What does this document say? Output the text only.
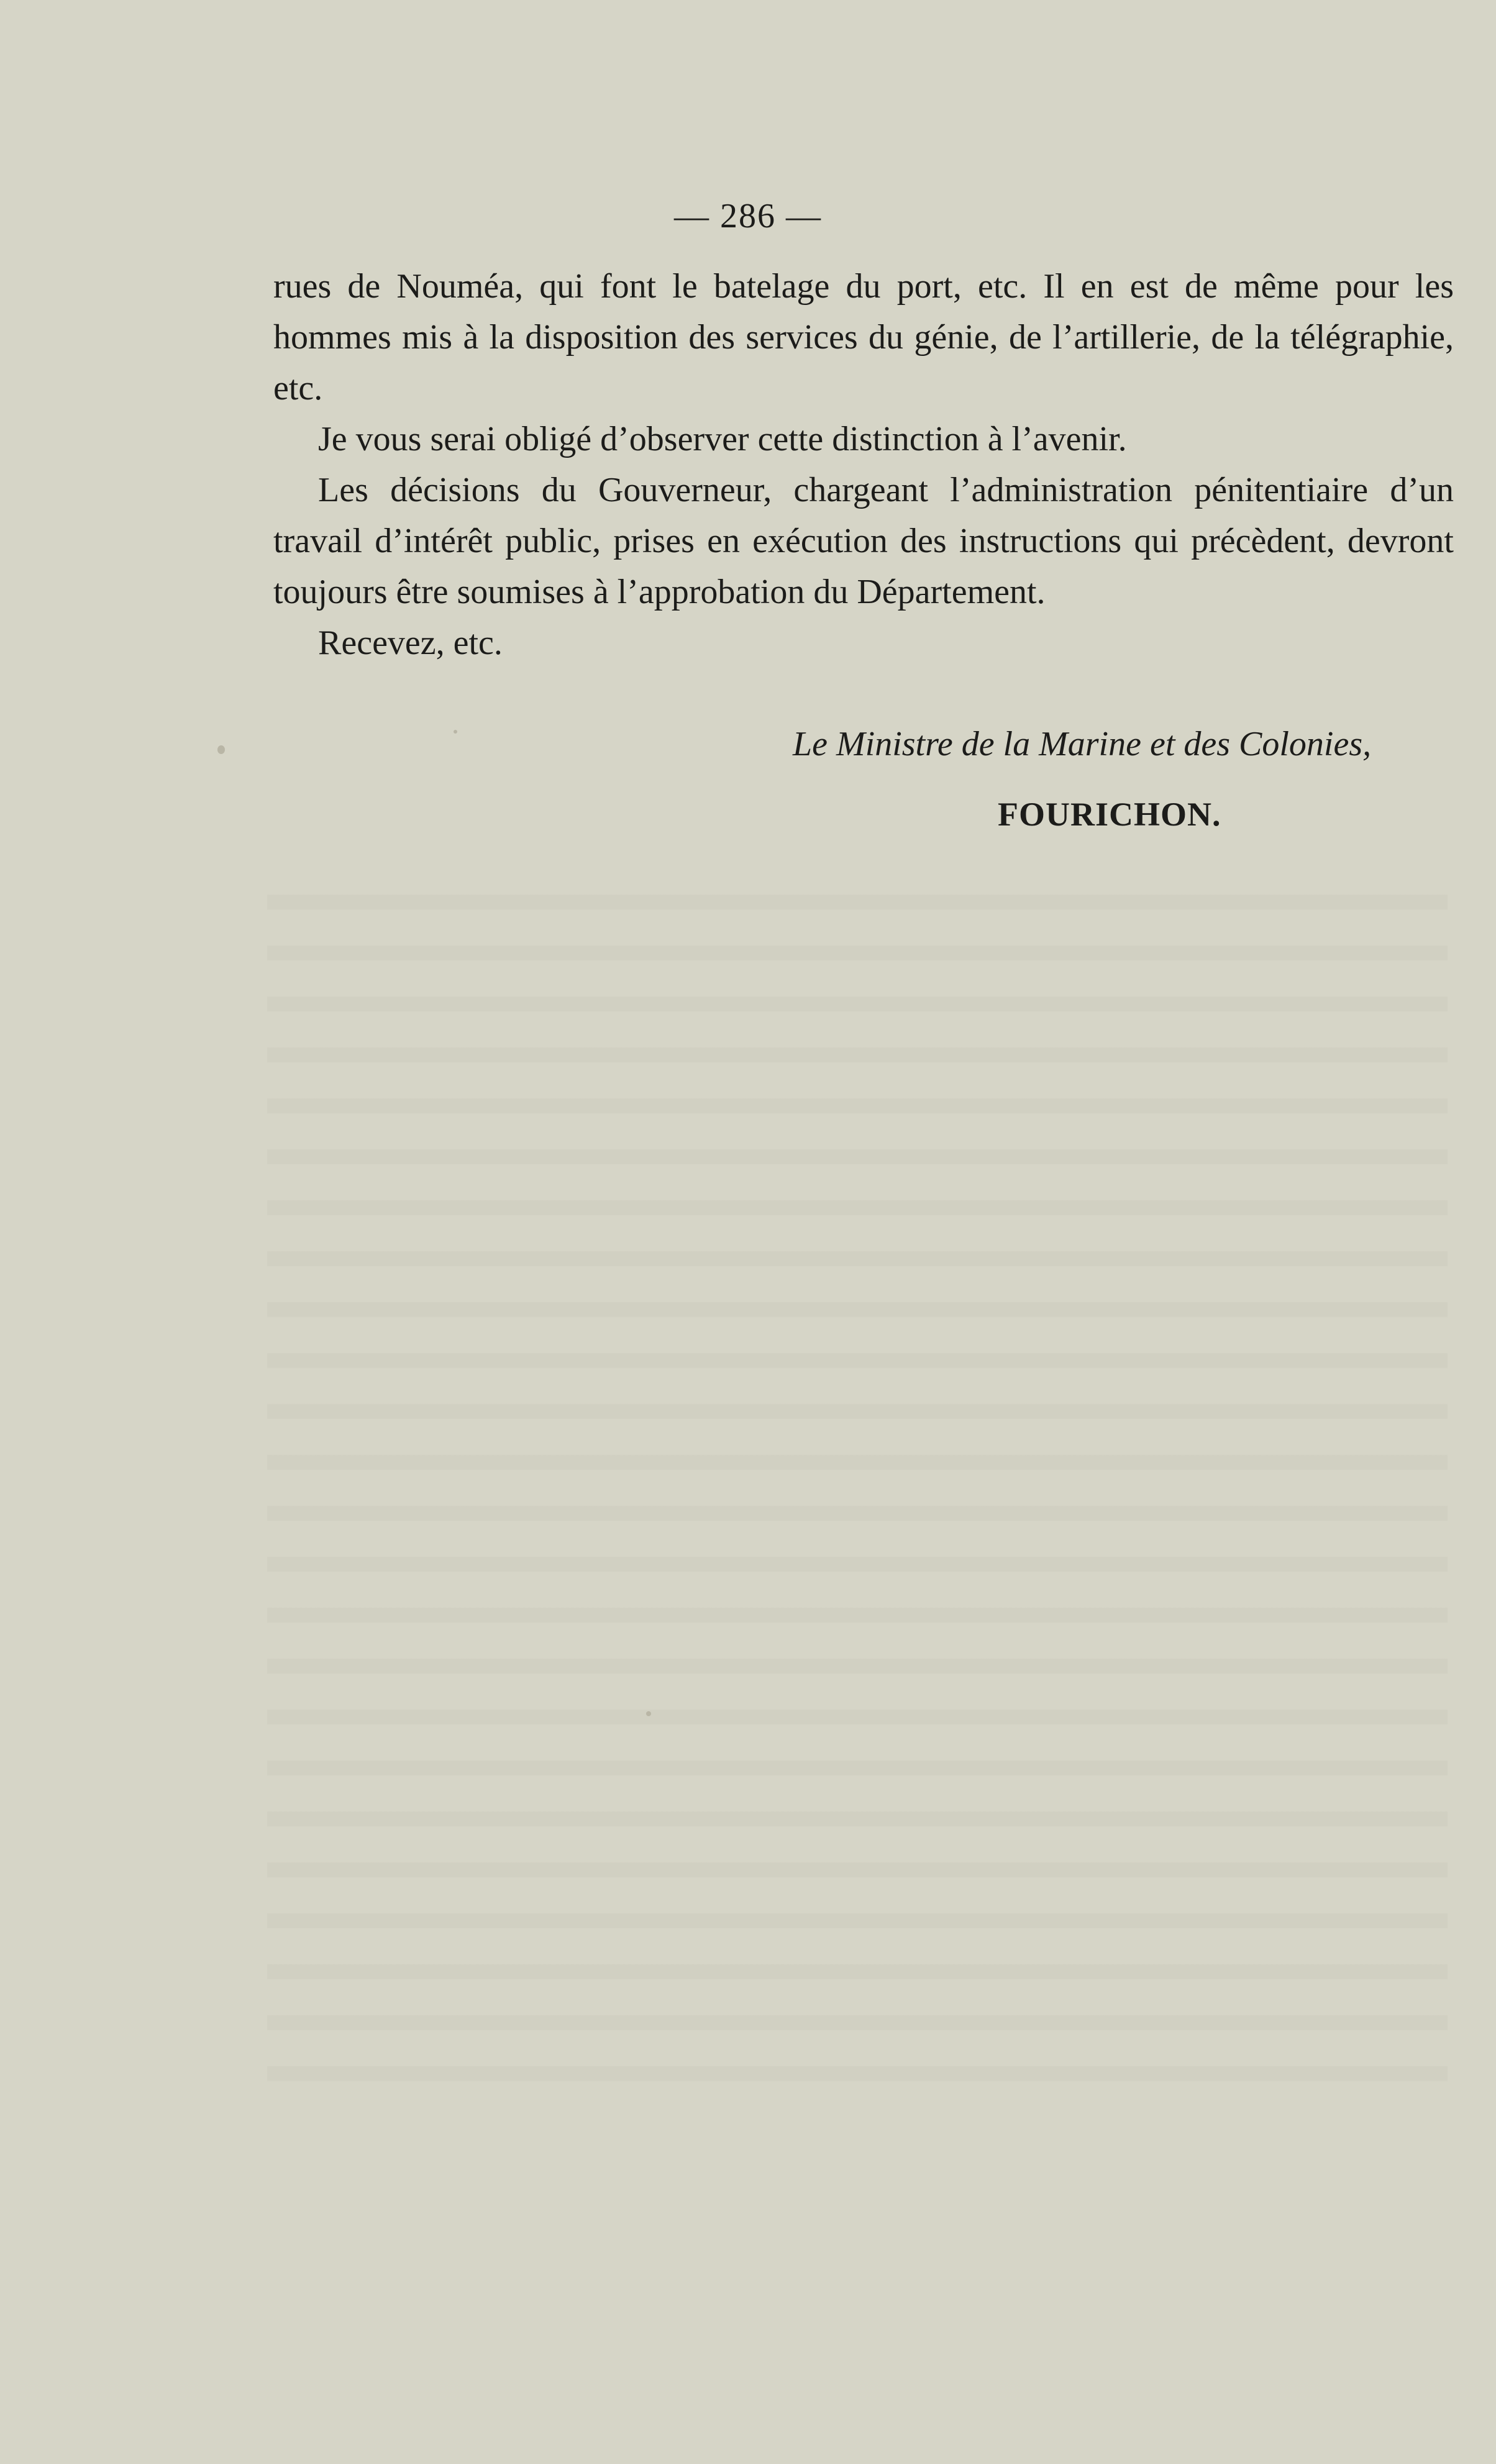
— 286 —

rues de Nouméa, qui font le batelage du port, etc. Il en est de même pour les hommes mis à la disposition des services du génie, de l’artillerie, de la télégraphie, etc.

Je vous serai obligé d’observer cette distinction à l’avenir.

Les décisions du Gouverneur, chargeant l’administration pénitentiaire d’un travail d’intérêt public, prises en exécution des instructions qui précèdent, devront toujours être soumises à l’approbation du Département.

Recevez, etc.

Le Ministre de la Marine et des Colonies,
FOURICHON.
